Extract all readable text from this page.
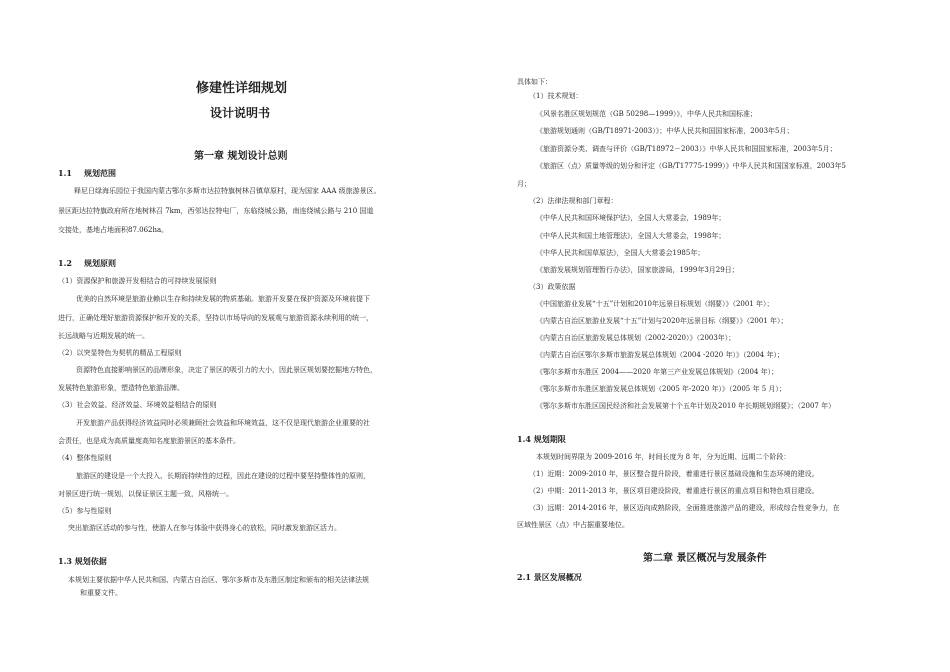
修建性详细规划
设计说明书
第一章 规划设计总则
1.1 规划范围
释尼日绿海乐园位于我国内蒙古鄂尔多斯市达拉特旗树林召镇草原村，现为国家 AAA 级旅游景区。
景区距达拉特旗政府所在地树林召 7km，西邻达拉特电厂，东临绕城公路，南连绕城公路与 210 国道
交接处，基地占地面积87.062ha。
1.2 规划原则
（1）资源保护和旅游开发相结合的可持续发展原则
优美的自然环境是旅游业赖以生存和持续发展的物质基础。旅游开发要在保护资源及环境前提下
进行，正确处理好旅游资源保护和开发的关系，坚持以市场导向的发展观与旅游资源永续利用的统一，
长远战略与近期发展的统一。
（2）以突显特色为契机的精品工程原则
资源特色直接影响景区的品牌形象，决定了景区的吸引力的大小，因此景区规划要挖掘地方特色，
发展特色旅游形象，塑造特色旅游品牌。
（3）社会效益、经济效益、环境效益相结合的原则
开发旅游产品获得经济效益同时必须兼顾社会效益和环境效益，这不仅是现代旅游企业重要的社
会责任，也是成为高质量度高知名度旅游景区的基本条件。
（4）整体性原则
旅游区的建设是一个大投入、长期而持续性的过程，因此在建设的过程中要坚持整体性的原则，
对景区进行统一规划，以保证景区主题一致，风格统一。
（5）参与性原则
突出旅游区活动的参与性，使游人在参与体验中获得身心的放松，同时激发旅游区活力。
1.3 规划依据
本规划主要依据中华人民共和国、内蒙古自治区、鄂尔多斯市及东胜区制定和颁布的相关法律法规
和重要文件。
具体如下：
（1）技术规划：
《风景名胜区规划规范（GB 50298—1999）》，中华人民共和国标准；
《旅游规划通则（GB/T18971-2003）》；中华人民共和国国家标准，2003年5月；
《旅游资源分类、调查与评价（GB/T18972－2003）》中华人民共和国国家标准，2003年5月；
《旅游区（点）质量等级的划分和评定（GB/T17775-1999）》中华人民共和国国家标准，2003年5
月；
（2）法律法规和部门章程：
《中华人民共和国环境保护法》，全国人大常委会，1989年；
《中华人民共和国土地管理法》，全国人大常委会，1998年；
《中华人民共和国草原法》，全国人大常委会1985年；
《旅游发展规划管理暂行办法》，国家旅游局，1999年3月29日；
（3）政策依据
《中国旅游业发展“十五”计划和2010年远景目标规划（纲要）》（2001 年）；
《内蒙古自治区旅游业发展“十五”计划与2020年远景目标（纲要）》（2001 年）；
《内蒙古自治区旅游发展总体规划（2002-2020）》（2003年）；
《内蒙古自治区鄂尔多斯市旅游发展总体规划（2004 -2020 年）》（2004 年）；
《鄂尔多斯市东胜区 2004——2020 年第三产业发展总体规划》（2004 年）；
《鄂尔多斯市东胜区旅游发展总体规划（2005 年-2020 年）》（2005 年 5 月）；
《鄂尔多斯市东胜区国民经济和社会发展第十个五年计划及2010 年长期规划纲要》；（2007 年）
1.4 规划期限
本规划时间界限为 2009-2016 年，时间长度为 8 年，分为近期、远期二个阶段：
（1）近期：2009-2010 年，景区整合提升阶段，着重进行景区基础设施和生态环境的建设。
（2）中期：2011-2013 年，景区项目建设阶段，着重进行景区的重点项目和特色项目建设。
（3）远期：2014-2016 年，景区迈向成熟阶段，全面推进旅游产品的建设，形成综合性竞争力，在
区域性景区（点）中占据重要地位。
第二章 景区概况与发展条件
2.1 景区发展概况
